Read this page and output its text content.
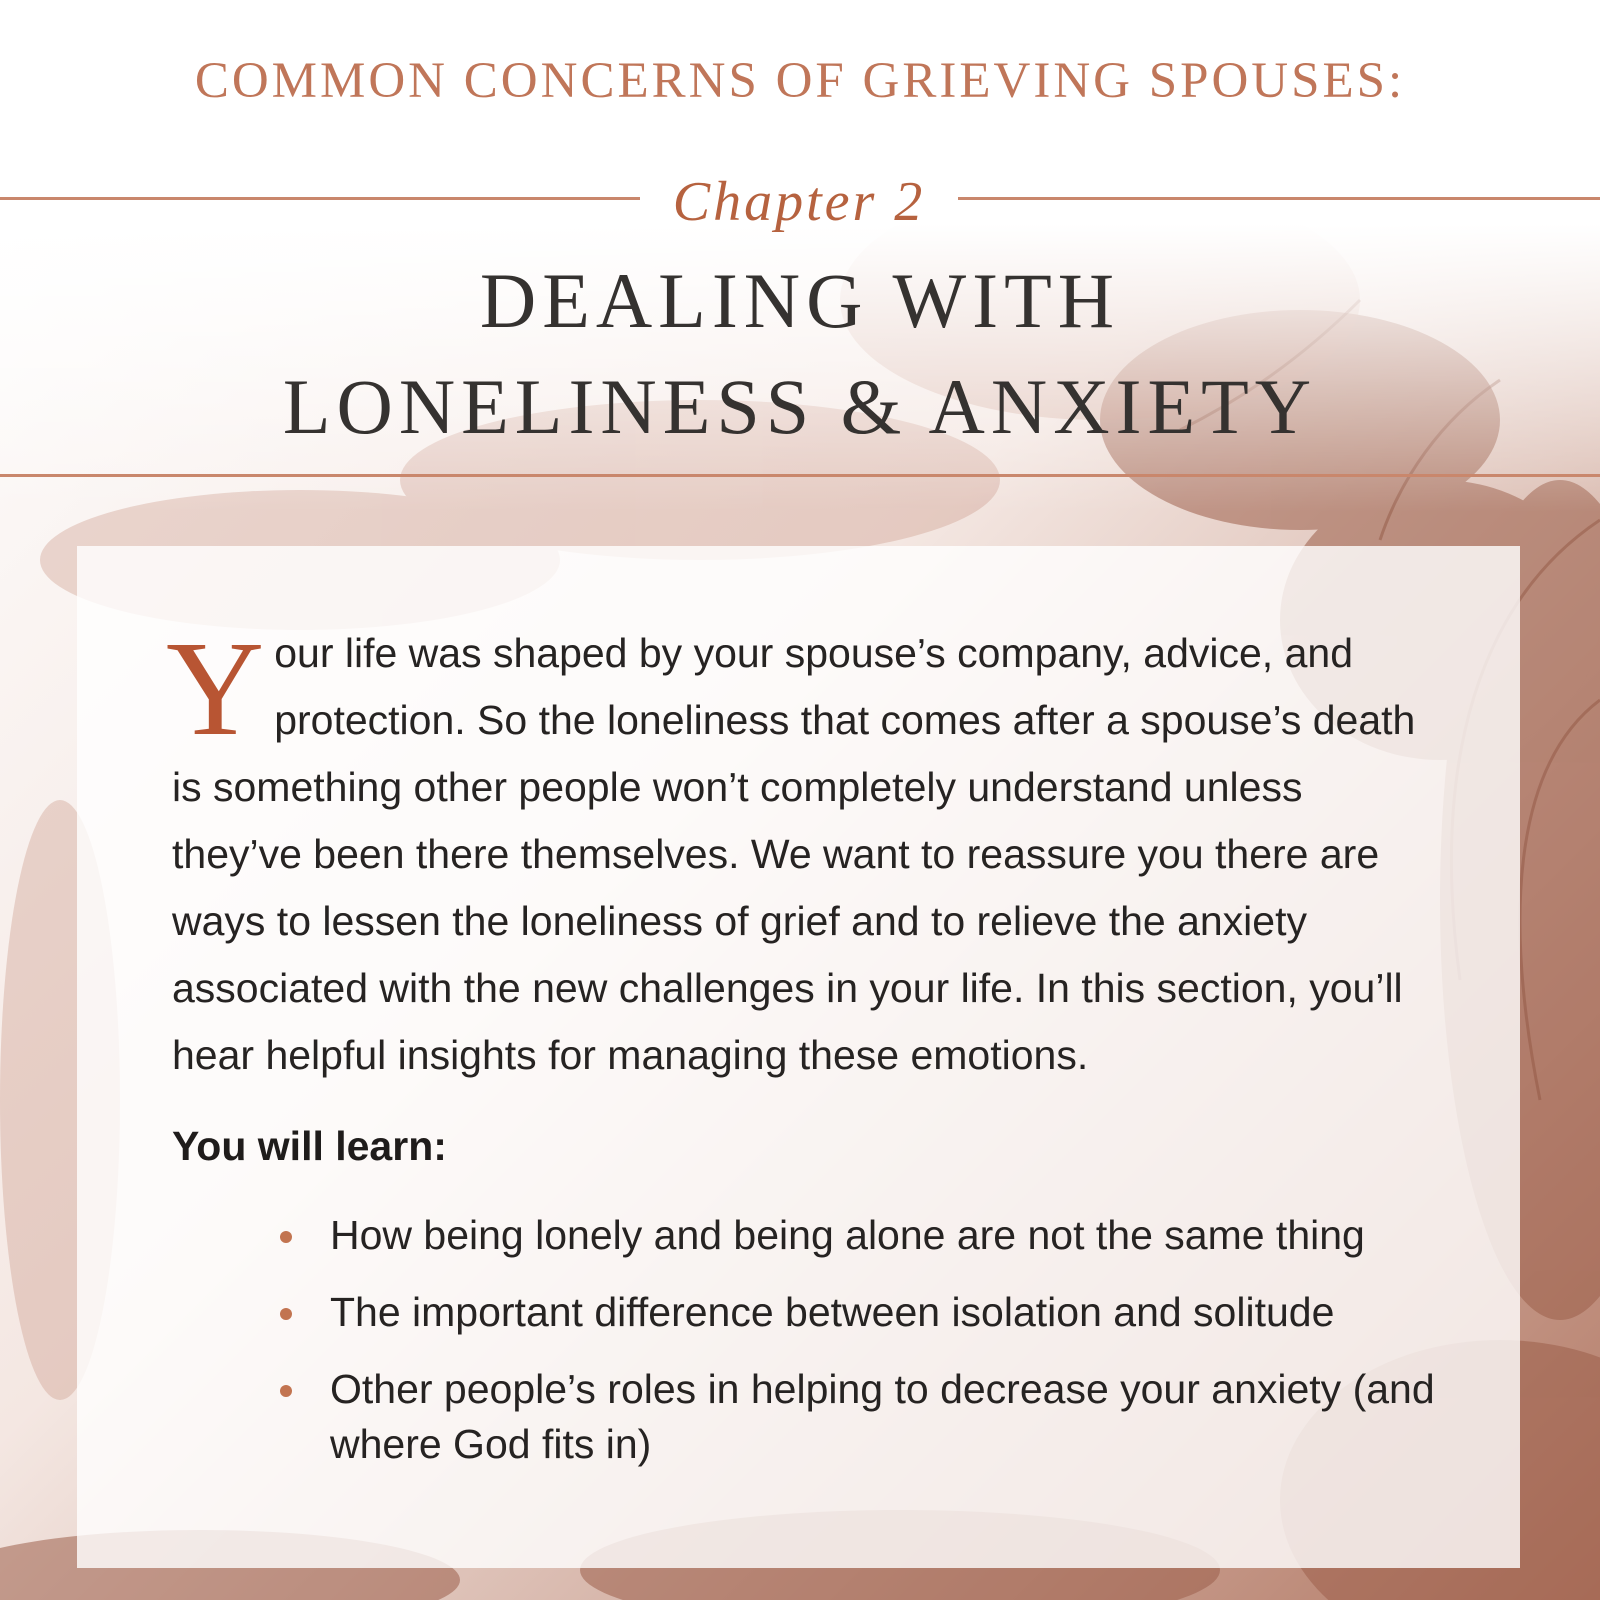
COMMON CONCERNS OF GRIEVING SPOUSES:
Chapter 2
DEALING WITH
LONELINESS & ANXIETY

Y our life was shaped by your spouse’s company, advice, and protection. So the loneliness that comes after a spouse’s death is something other people won’t completely understand unless they’ve been there themselves. We want to reassure you there are ways to lessen the loneliness of grief and to relieve the anxiety associated with the new challenges in your life. In this section, you’ll hear helpful insights for managing these emotions.

You will learn:
How being lonely and being alone are not the same thing
The important difference between isolation and solitude
Other people’s roles in helping to decrease your anxiety (and where God fits in)
